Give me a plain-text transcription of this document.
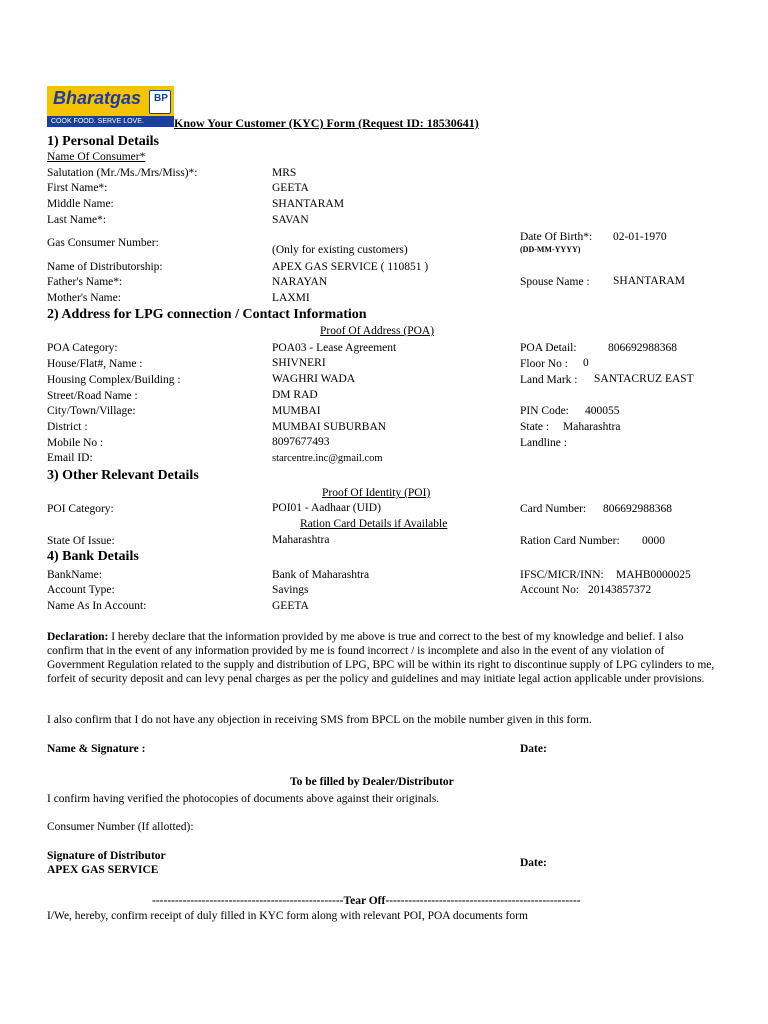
Bharatgas BP
COOK FOOD. SERVE LOVE.	Know Your Customer (KYC) Form (Request ID: 18530641)
1) Personal Details
Name Of Consumer*
Salutation (Mr./Ms./Mrs/Miss)*:	MRS
First Name*:	GEETA
Middle Name:	SHANTARAM
Last Name*:	SAVAN
Gas Consumer Number:
(Only for existing customers)
Date Of Birth*: 02-01-1970
(DD-MM-YYYY)
Name of Distributorship:	APEX GAS SERVICE ( 110851 )
Father's Name*:	NARAYAN	Spouse Name : SHANTARAM
Mother's Name:	LAXMI
2) Address for LPG connection / Contact Information
Proof Of Address (POA)
POA Category:	POA03 - Lease Agreement	POA Detail:	806692988368
House/Flat#, Name :	SHIVNERI	Floor No : 0
Housing Complex/Building :	WAGHRI WADA	Land Mark : SANTACRUZ EAST
Street/Road Name :	DM RAD
City/Town/Village:	MUMBAI	PIN Code: 400055
District :	MUMBAI SUBURBAN	State : Maharashtra
Mobile No :	8097677493	Landline :
Email ID:	starcentre.inc@gmail.com
3) Other Relevant Details
Proof Of Identity (POI)
POI Category:	POI01 - Aadhaar (UID)	Card Number: 806692988368
Ration Card Details if Available
State Of Issue:	Maharashtra	Ration Card Number: 0000
4) Bank Details
BankName:	Bank of Maharashtra	IFSC/MICR/INN: MAHB0000025
Account Type:	Savings	Account No: 20143857372
Name As In Account:	GEETA
Declaration: I hereby declare that the information provided by me above is true and correct to the best of my knowledge and belief. I also confirm that in the event of any information provided by me is found incorrect / is incomplete and also in the event of any violation of Government Regulation related to the supply and distribution of LPG, BPC will be within its right to discontinue supply of LPG cylinders to me, forfeit of security deposit and can levy penal charges as per the policy and guidelines and may initiate legal action applicable under provisions.
I also confirm that I do not have any objection in receiving SMS from BPCL on the mobile number given in this form.
Name & Signature :	Date:
To be filled by Dealer/Distributor
I confirm having verified the photocopies of documents above against their originals.
Consumer Number (If allotted):
Signature of Distributor
APEX GAS SERVICE
Date:
--------------------------------------------------Tear Off---------------------------------------------------
I/We, hereby, confirm receipt of duly filled in KYC form along with relevant POI, POA documents form
